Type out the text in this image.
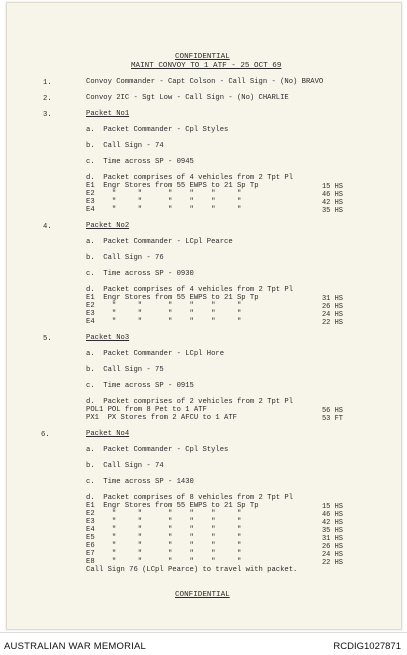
CONFIDENTIAL
MAINT CONVOY TO 1 ATF - 25 OCT 69
1.	Convoy Commander - Capt Colson - Call Sign - (No) BRAVO
2.	Convoy 2IC - Sgt Low - Call Sign - (No) CHARLIE
3.	Packet No1
a.  Packet Commander - Cpl Styles
b.  Call Sign - 74
c.  Time across SP - 0945
d.  Packet comprises of 4 vehicles from 2 Tpt Pl
E1  Engr Stores from 55 EWPS to 21 Sp Tp	15 HS
E2    "     "      "    "    "     "	46 HS
E3    "     "      "    "    "     "	42 HS
E4    "     "      "    "    "     "	35 HS
4.	Packet No2
a.  Packet Commander - LCpl Pearce
b.  Call Sign - 76
c.  Time across SP - 0930
d.  Packet comprises of 4 vehicles from 2 Tpt Pl
E1  Engr Stores from 55 EWPS to 21 Sp Tp	31 HS
E2    "     "      "    "    "     "	26 HS
E3    "     "      "    "    "     "	24 HS
E4    "     "      "    "    "     "	22 HS
5.	Packet No3
a.  Packet Commander - LCpl Hore
b.  Call Sign - 75
c.  Time across SP - 0915
d.  Packet comprises of 2 vehicles from 2 Tpt Pl
POL1 POL from 8 Pet to 1 ATF	56 HS
PX1  PX Stores from 2 AFCU to 1 ATF	53 FT
6.	Packet No4
a.  Packet Commander - Cpl Styles
b.  Call Sign - 74
c.  Time across SP - 1430
d.  Packet comprises of 8 vehicles from 2 Tpt Pl
E1  Engr Stores from 55 EWPS to 21 Sp Tp	15 HS
E2    "     "      "    "    "     "	46 HS
E3    "     "      "    "    "     "	42 HS
E4    "     "      "    "    "     "	35 HS
E5    "     "      "    "    "     "	31 HS
E6    "     "      "    "    "     "	26 HS
E7    "     "      "    "    "     "	24 HS
E8    "     "      "    "    "     "	22 HS
Call Sign 76 (LCpl Pearce) to travel with packet.
CONFIDENTIAL
AUSTRALIAN WAR MEMORIAL	RCDIG1027871
